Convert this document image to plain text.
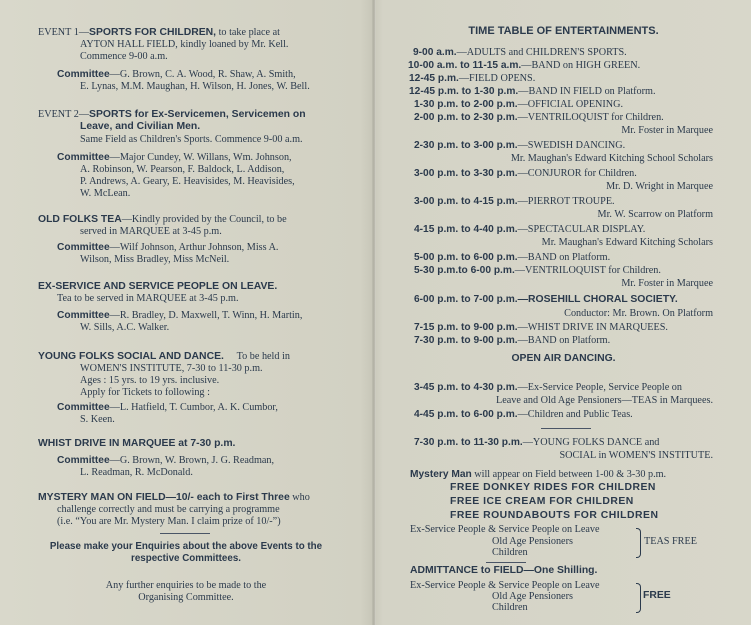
EVENT 1—SPORTS FOR CHILDREN, to take place at
AYTON HALL FIELD, kindly loaned by Mr. Kell.
Commence 9-00 a.m.
Committee—G. Brown, C. A. Wood, R. Shaw, A. Smith,
E. Lynas, M.M. Maughan, H. Wilson, H. Jones, W. Bell.
EVENT 2—SPORTS for Ex-Servicemen, Servicemen on
Leave, and Civilian Men.
Same Field as Children's Sports. Commence 9-00 a.m.
Committee—Major Cundey, W. Willans, Wm. Johnson,
A. Robinson, W. Pearson, F. Baldock, L. Addison,
P. Andrews, A. Geary, E. Heavisides, M. Heavisides,
W. McLean.
OLD FOLKS TEA—Kindly provided by the Council, to be
served in MARQUEE at 3-45 p.m.
Committee—Wilf Johnson, Arthur Johnson, Miss A.
Wilson, Miss Bradley, Miss McNeil.
EX-SERVICE AND SERVICE PEOPLE ON LEAVE.
Tea to be served in MARQUEE at 3-45 p.m.
Committee—R. Bradley, D. Maxwell, T. Winn, H. Martin,
W. Sills, A.C. Walker.
YOUNG FOLKS SOCIAL AND DANCE. To be held in
WOMEN'S INSTITUTE, 7-30 to 11-30 p.m.
Ages : 15 yrs. to 19 yrs. inclusive.
Apply for Tickets to following :
Committee—L. Hatfield, T. Cumbor, A. K. Cumbor,
S. Keen.
WHIST DRIVE IN MARQUEE at 7-30 p.m.
Committee—G. Brown, W. Brown, J. G. Readman,
L. Readman, R. McDonald.
MYSTERY MAN ON FIELD—10/- each to First Three who
challenge correctly and must be carrying a programme
(i.e. “You are Mr. Mystery Man. I claim prize of 10/-”)
Please make your Enquiries about the above Events to the
respective Committees.
Any further enquiries to be made to the
Organising Committee.
TIME TABLE OF ENTERTAINMENTS.
9-00 a.m.—ADULTS and CHILDREN'S SPORTS.
10-00 a.m. to 11-15 a.m.—BAND on HIGH GREEN.
12-45 p.m.—FIELD OPENS.
12-45 p.m. to 1-30 p.m.—BAND IN FIELD on Platform.
1-30 p.m. to 2-00 p.m.—OFFICIAL OPENING.
2-00 p.m. to 2-30 p.m.—VENTRILOQUIST for Children.
Mr. Foster in Marquee
2-30 p.m. to 3-00 p.m.—SWEDISH DANCING.
Mr. Maughan's Edward Kitching School Scholars
3-00 p.m. to 3-30 p.m.—CONJUROR for Children.
Mr. D. Wright in Marquee
3-00 p.m. to 4-15 p.m.—PIERROT TROUPE.
Mr. W. Scarrow on Platform
4-15 p.m. to 4-40 p.m.—SPECTACULAR DISPLAY.
Mr. Maughan's Edward Kitching Scholars
5-00 p.m. to 6-00 p.m.—BAND on Platform.
5-30 p.m.to 6-00 p.m.—VENTRILOQUIST for Children.
Mr. Foster in Marquee
6-00 p.m. to 7-00 p.m.—ROSEHILL CHORAL SOCIETY.
Conductor: Mr. Brown. On Platform
7-15 p.m. to 9-00 p.m.—WHIST DRIVE IN MARQUEES.
7-30 p.m. to 9-00 p.m.—BAND on Platform.
OPEN AIR DANCING.
3-45 p.m. to 4-30 p.m.—Ex-Service People, Service People on
Leave and Old Age Pensioners—TEAS in Marquees.
4-45 p.m. to 6-00 p.m.—Children and Public Teas.
7-30 p.m. to 11-30 p.m.—YOUNG FOLKS DANCE and
SOCIAL in WOMEN'S INSTITUTE.
Mystery Man will appear on Field between 1-00 & 3-30 p.m.
FREE DONKEY RIDES FOR CHILDREN
FREE ICE CREAM FOR CHILDREN
FREE ROUNDABOUTS FOR CHILDREN
Ex-Service People & Service People on Leave
Old Age Pensioners
Children
TEAS FREE
ADMITTANCE to FIELD—One Shilling.
Ex-Service People & Service People on Leave
Old Age Pensioners
Children
FREE
